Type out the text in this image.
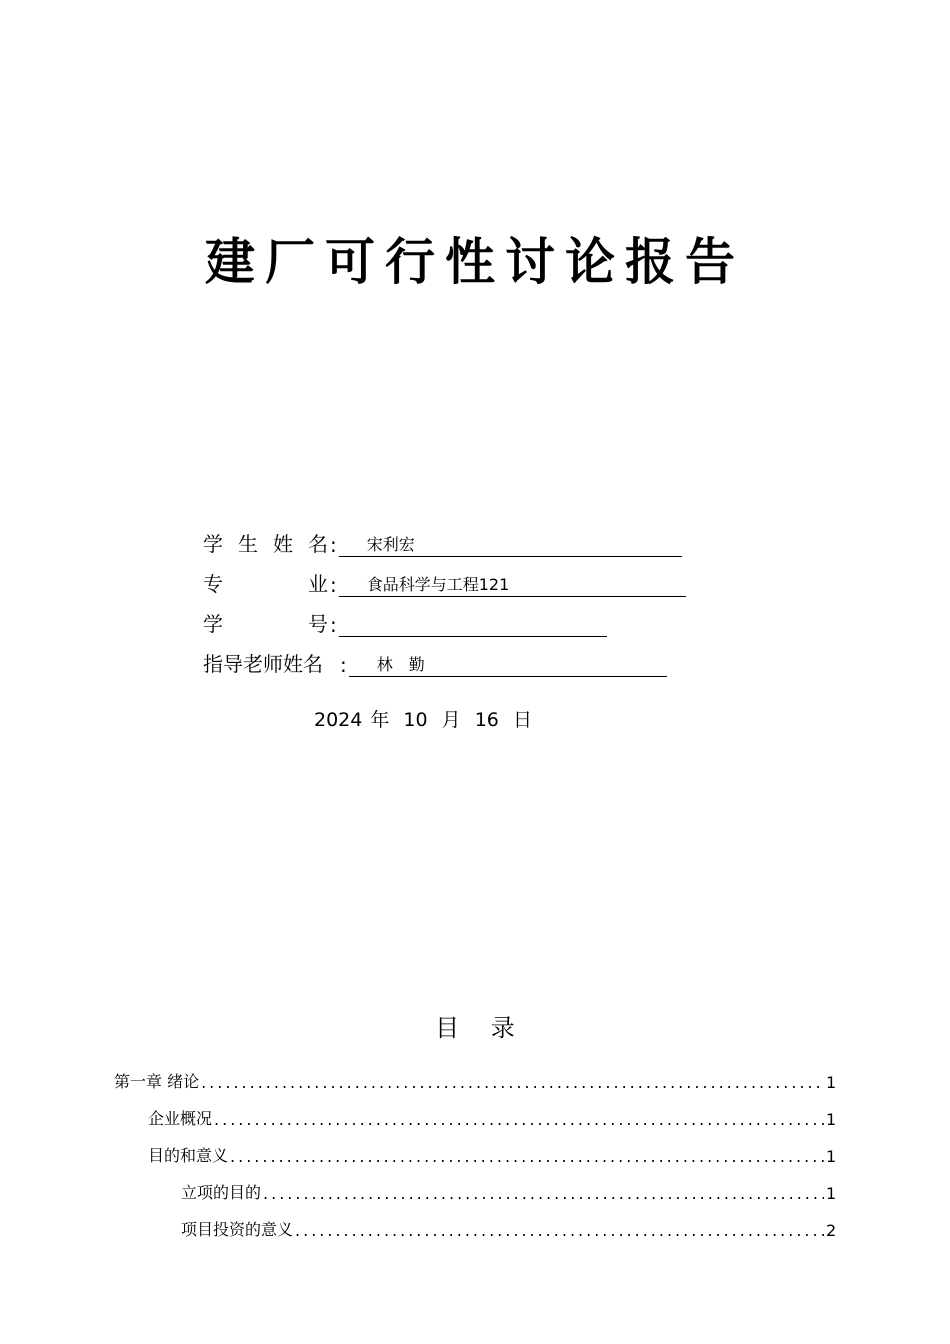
建厂可行性讨论报告
学 生 姓 名 :	宋利宏
专	业 :	食品科学与工程121
学	号 :
指导老师姓名 :	林　勤
2024 年 10 月 16 日
目 录
第一章 绪论 .....	1
企业概况 .....	1
目的和意义 .....	1
立项的目的 .....	1
项目投资的意义 .....	2
